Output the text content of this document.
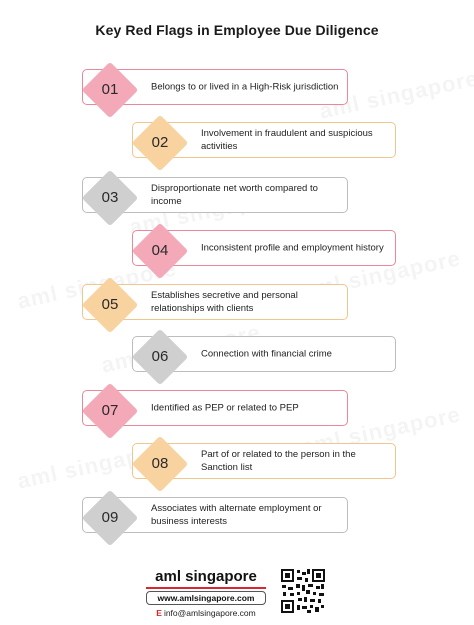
Key Red Flags in Employee Due Diligence
Belongs to or lived in a High-Risk jurisdiction
01
Involvement in fraudulent and suspicious activities
02
Disproportionate net worth compared to income
03
Inconsistent profile and employment history
04
Establishes secretive and personal relationships with clients
05
Connection with financial crime
06
Identified as PEP or related to PEP
07
Part of or related to the person in the Sanction list
08
Associates with alternate employment or business interests
09
aml singapore
www.amlsingapore.com
E info@amlsingapore.com
